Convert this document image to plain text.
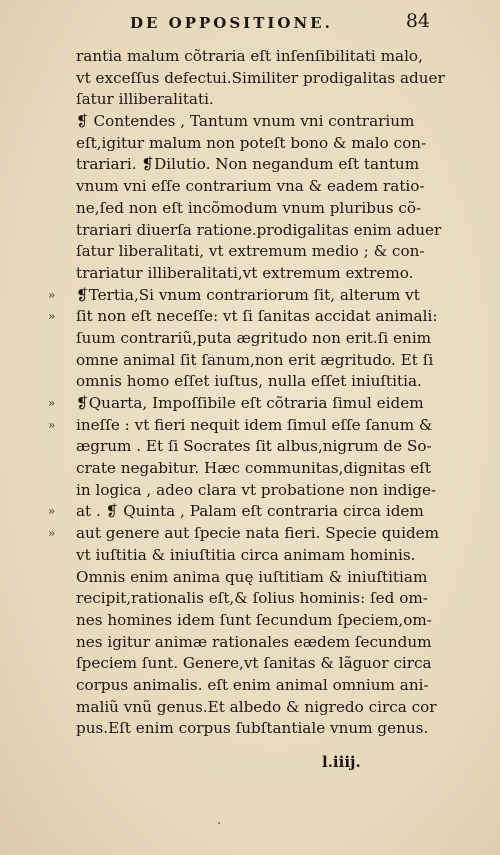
DE OPPOSITIONE.	84
rantia malum cõtraria eſt inſenſibilitati malo,
vt exceſſus defectui.Similiter prodigalitas aduer
ſatur illiberalitati.
❡ Contendes , Tantum vnum vni contrarium
eſt,igitur malum non poteſt bono & malo con-
trariari. ❡Dilutio. Non negandum eſt tantum
vnum vni eſſe contrarium vna & eadem ratio-
ne,ſed non eſt incõmodum vnum pluribus cõ-
trariari diuerſa ratione.prodigalitas enim aduer
ſatur liberalitati, vt extremum medio ; & con-
trariatur illiberalitati,vt extremum extremo.
»	❡Tertia,Si vnum contrariorum ſit, alterum vt
»	ſit non eſt neceſſe: vt ſi ſanitas accidat animali:
ſuum contrariũ,puta ægritudo non erit.ſi enim
omne animal ſit ſanum,non erit ægritudo. Et ſi
omnis homo eſſet iuſtus, nulla eſſet iniuſtitia.
»	❡Quarta, Impoſſibile eſt cõtraria ſimul eidem
»	ineſſe : vt fieri nequit idem ſimul eſſe ſanum &
ægrum . Et ſi Socrates ſit albus,nigrum de So-
crate negabitur. Hæc communitas,dignitas eſt
in logica , adeo clara vt probatione non indige-
»	at . ❡ Quinta , Palam eſt contraria circa idem
»	aut genere aut ſpecie nata fieri. Specie quidem
vt iuſtitia & iniuſtitia circa animam hominis.
Omnis enim anima quę iuſtitiam & iniuſtitiam
recipit,rationalis eſt,& ſolius hominis: ſed om-
nes homines idem ſunt ſecundum ſpeciem,om-
nes igitur animæ rationales eædem ſecundum
ſpeciem ſunt. Genere,vt ſanitas & lãguor circa
corpus animalis. eſt enim animal omnium ani-
maliũ vnũ genus.Et albedo & nigredo circa cor
pus.Eſt enim corpus ſubſtantiale vnum genus.
l.iiij.
